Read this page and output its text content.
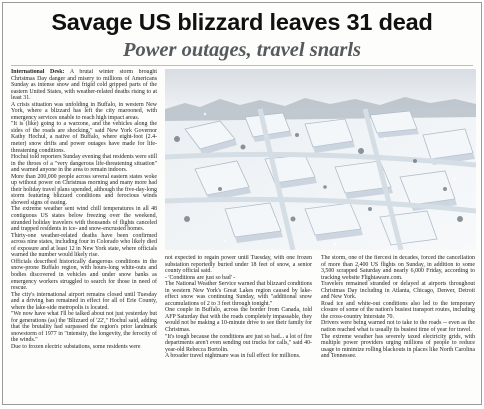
Savage US blizzard leaves 31 dead
Power outages, travel snarls

International Desk: A brutal winter storm brought Christmas Day danger and misery to millions of Americans Sunday as intense snow and frigid cold gripped parts of the eastern United States, with weather-related deaths rising to at least 31.

A crisis situation was unfolding in Buffalo, in western New York, where a blizzard has left the city marooned, with emergency services unable to reach high impact areas.

"It is (like) going to a warzone, and the vehicles along the sides of the roads are shocking," said New York Governor Kathy Hochul, a native of Buffalo, where eight-foot (2.4-meter) snow drifts and power outages have made for life-threatening conditions.

Hochul told reporters Sunday evening that residents were still in the throes of a "very dangerous life-threatening situation" and warned anyone in the area to remain indoors.

More than 200,000 people across several eastern states woke up without power on Christmas morning and many more had their holiday travel plans upended, although the five-day-long storm featuring blizzard conditions and ferocious winds showed signs of easing.

The extreme weather sent wind chill temperatures in all 48 contiguous US states below freezing over the weekend, stranded holiday travelers with thousands of flights canceled and trapped residents in ice- and snow-encrusted homes.

Thirty-one weather-related deaths have been confirmed across nine states, including four in Colorado who likely died of exposure and at least 12 in New York state, where officials warned the number would likely rise.

Officials described historically dangerous conditions in the snow-prone Buffalo region, with hours-long white-outs and bodies discovered in vehicles and under snow banks as emergency workers struggled to search for those in need of rescue.

The city's international airport remains closed until Tuesday and a driving ban remained in effect for all of Erie County, where the lake-side metropolis is located.

"We now have what I'll be talked about not just yesterday but for generations (as) the 'Blizzard of '22'," Hochul said, adding that the brutality had surpassed the region's prior landmark snowstorm of 1977 in "intensity, the longevity, the ferocity of the winds."

Due to frozen electric substations, some residents were

not expected to regain power until Tuesday, with one frozen substation reportedly buried under 18 feet of snow, a senior county official said.

- 'Conditions are just so bad' -

The National Weather Service warned that blizzard conditions in western New York's Great Lakes region caused by lake-effect snow was continuing Sunday, with "additional snow accumulations of 2 to 3 feet through tonight."

One couple in Buffalo, across the border from Canada, told AFP Saturday that with the roads completely impassable, they would not be making a 10-minute drive to see their family for Christmas.

"It's tough because the conditions are just so bad... a lot of fire departments aren't even sending out trucks for calls," said 40-year-old Rebecca Bortolin.

A broader travel nightmare was in full effect for millions.

The storm, one of the fiercest in decades, forced the cancellation of more than 2,400 US flights on Sunday, in addition to some 3,500 scrapped Saturday and nearly 6,000 Friday, according to tracking website Flightaware.com.

Travelers remained stranded or delayed at airports throughout Christmas Day including in Atlanta, Chicago, Denver, Detroit and New York.

Road ice and white-out conditions also led to the temporary closure of some of the nation's busiest transport routes, including the cross-country Interstate 70.

Drivers were being warned not to take to the roads -- even as the nation reached what is usually its busiest time of year for travel.

The extreme weather has severely taxed electricity grids, with multiple power providers urging millions of people to reduce usage to minimize rolling blackouts in places like North Carolina and Tennessee.
